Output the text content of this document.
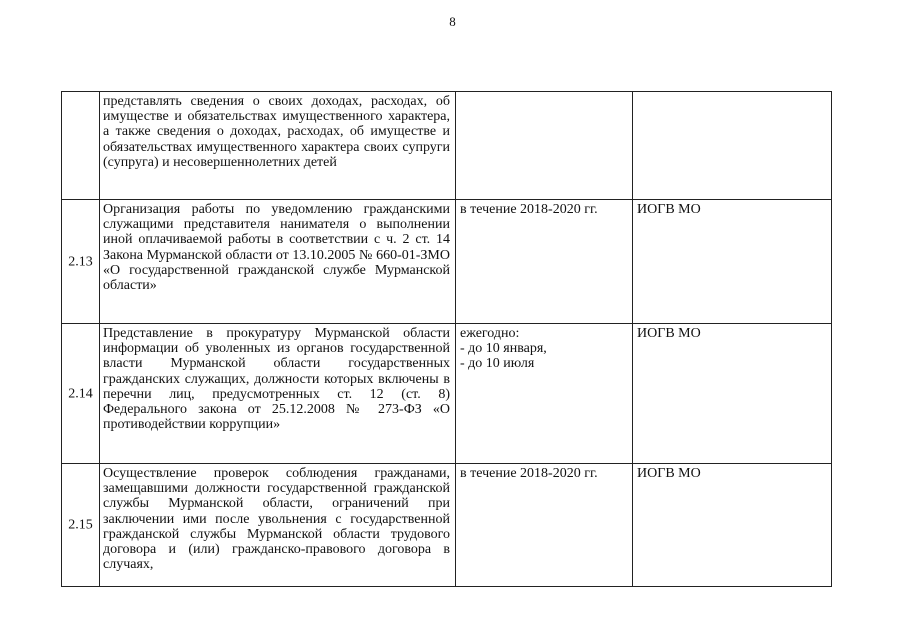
8
представлять сведения о своих доходах, расходах, об имуществе и обязательствах имущественного характера, а также сведения о доходах, расходах, об имуществе и обязательствах имущественного характера своих супруги (супруга) и несовершеннолетних детей
2.13
Организация работы по уведомлению гражданскими служащими представителя нанимателя о выполнении иной оплачиваемой работы в соответствии с ч. 2 ст. 14 Закона Мурманской области от 13.10.2005 № 660-01-ЗМО «О государственной гражданской службе Мурманской области»
в течение 2018-2020 гг.	ИОГВ МО
2.14
Представление в прокуратуру Мурманской области информации об уволенных из органов государственной власти Мурманской области государственных гражданских служащих, должности которых включены в перечни лиц, предусмотренных ст. 12 (ст. 8) Федерального закона от 25.12.2008 № 273-ФЗ «О противодействии коррупции»
ежегодно:
- до 10 января,
- до 10 июля
ИОГВ МО
2.15
Осуществление проверок соблюдения гражданами, замещавшими должности государственной гражданской службы Мурманской области, ограничений при заключении ими после увольнения с государственной гражданской службы Мурманской области трудового договора и (или) гражданско-правового договора в случаях,
в течение 2018-2020 гг.	ИОГВ МО
